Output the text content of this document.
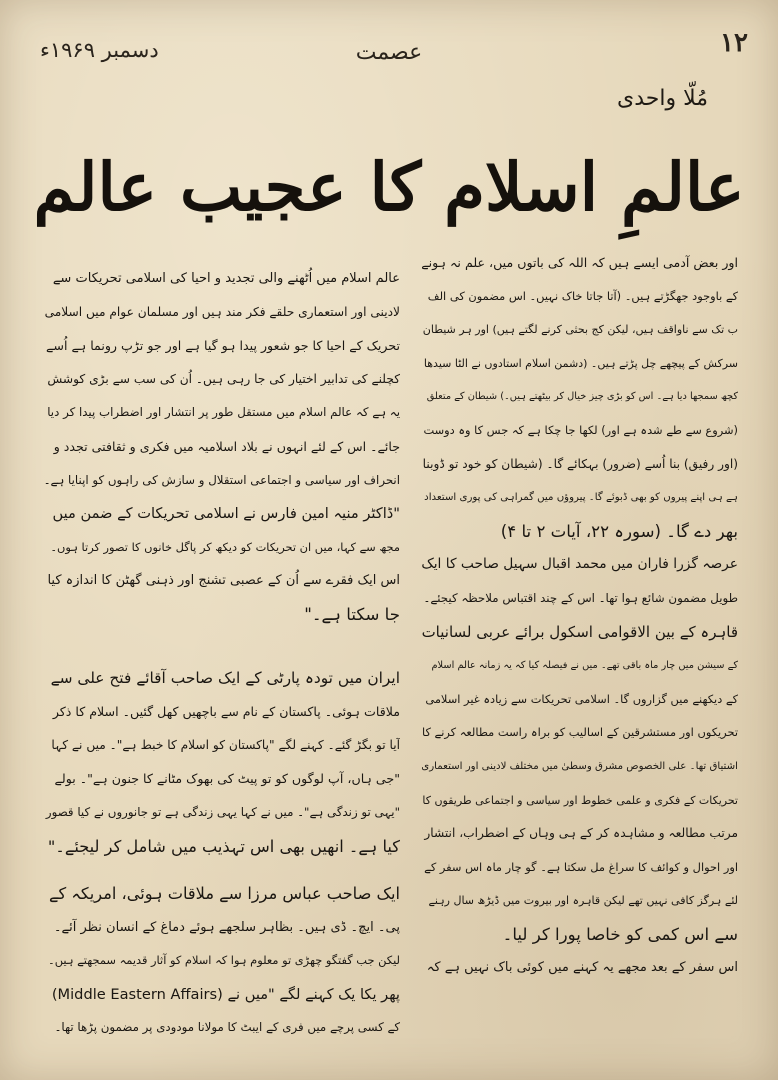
١٢
عصمت
دسمبر ۱۹۶۹ء
مُلّا واحدی
عالمِ اسلام کا عجیب عالم
اور بعض آدمی ایسے ہیں کہ اللہ کی باتوں میں، علم نہ ہونے
کے باوجود جھگڑتے ہیں۔ (آتا جاتا خاک نہیں۔ اس مضمون کی الف
ب تک سے ناواقف ہیں، لیکن کج بحثی کرنے لگتے ہیں) اور ہر شیطان
سرکش کے پیچھے چل پڑتے ہیں۔ (دشمن اسلام استادوں نے الٹا سیدھا
کچھ سمجھا دیا ہے۔ اس کو بڑی چیز خیال کر بیٹھتے ہیں۔) شیطان کے متعلق
(شروع سے طے شدہ ہے اور) لکھا جا چکا ہے کہ جس کا وہ دوست
(اور رفیق) بنا اُسے (ضرور) بہکائے گا۔ (شیطان کو خود تو ڈوبنا
ہے ہی اپنے پیروں کو بھی ڈبوئے گا۔ پیروؤں میں گمراہی کی پوری استعداد
بھر دے گا۔ (سورہ ۲۲، آیات ۲ تا ۴)
عرصہ گزرا فاران میں محمد اقبال سہیل صاحب کا ایک
طویل مضمون شائع ہوا تھا۔ اس کے چند اقتباس ملاحظہ کیجئے۔
قاہرہ کے بین الاقوامی اسکول برائے عربی لسانیات
کے سیشن میں چار ماہ باقی تھے۔ میں نے فیصلہ کیا کہ یہ زمانہ عالم اسلام
کے دیکھنے میں گزاروں گا۔ اسلامی تحریکات سے زیادہ غیر اسلامی
تحریکوں اور مستشرقین کے اسالیب کو براہ راست مطالعہ کرنے کا
اشتیاق تھا۔ علی الخصوص مشرق وسطیٰ میں مختلف لادینی اور استعماری
تحریکات کے فکری و علمی خطوط اور سیاسی و اجتماعی طریقوں کا
مرتب مطالعہ و مشاہدہ کر کے ہی وہاں کے اضطراب، انتشار
اور احوال و کوائف کا سراغ مل سکتا ہے۔ گو چار ماہ اس سفر کے
لئے ہرگز کافی نہیں تھے لیکن قاہرہ اور بیروت میں ڈیڑھ سال رہنے
سے اس کمی کو خاصا پورا کر لیا۔
اس سفر کے بعد مجھے یہ کہنے میں کوئی باک نہیں ہے کہ
عالم اسلام میں اُٹھنے والی تجدید و احیا کی اسلامی تحریکات سے
لادینی اور استعماری حلقے فکر مند ہیں اور مسلمان عوام میں اسلامی
تحریک کے احیا کا جو شعور پیدا ہو گیا ہے اور جو تڑپ رونما ہے اُسے
کچلنے کی تدابیر اختیار کی جا رہی ہیں۔ اُن کی سب سے بڑی کوشش
یہ ہے کہ عالم اسلام میں مستقل طور پر انتشار اور اضطراب پیدا کر دیا
جائے۔ اس کے لئے انہوں نے بلاد اسلامیہ میں فکری و ثقافتی تجدد و
انحراف اور سیاسی و اجتماعی استقلال و سازش کی راہوں کو اپنایا ہے۔
"ڈاکٹر منیہ امین فارس نے اسلامی تحریکات کے ضمن میں
مجھ سے کہا، میں ان تحریکات کو دیکھ کر پاگل خانوں کا تصور کرتا ہوں۔
اس ایک فقرے سے اُن کے عصبی تشنج اور ذہنی گھٹن کا اندازہ کیا
جا سکتا ہے۔"
ایران میں تودہ پارٹی کے ایک صاحب آقائے فتح علی سے
ملاقات ہوئی۔ پاکستان کے نام سے باچھیں کھل گئیں۔ اسلام کا ذکر
آیا تو بگڑ گئے۔ کہنے لگے "پاکستان کو اسلام کا خبط ہے"۔ میں نے کہا
"جی ہاں، آپ لوگوں کو تو پیٹ کی بھوک مٹانے کا جنون ہے"۔ بولے
"یہی تو زندگی ہے"۔ میں نے کہا یہی زندگی ہے تو جانوروں نے کیا قصور
کیا ہے۔ انھیں بھی اس تہذیب میں شامل کر لیجئے۔"
ایک صاحب عباس مرزا سے ملاقات ہوئی، امریکہ کے
پی۔ ایچ۔ ڈی ہیں۔ بظاہر سلجھے ہوئے دماغ کے انسان نظر آئے۔
لیکن جب گفتگو چھڑی تو معلوم ہوا کہ اسلام کو آثار قدیمہ سمجھتے ہیں۔
پھر یکا یک کہنے لگے "میں نے (Middle Eastern Affairs)
کے کسی پرچے میں فری کے ایبٹ کا مولانا مودودی پر مضمون پڑھا تھا۔
